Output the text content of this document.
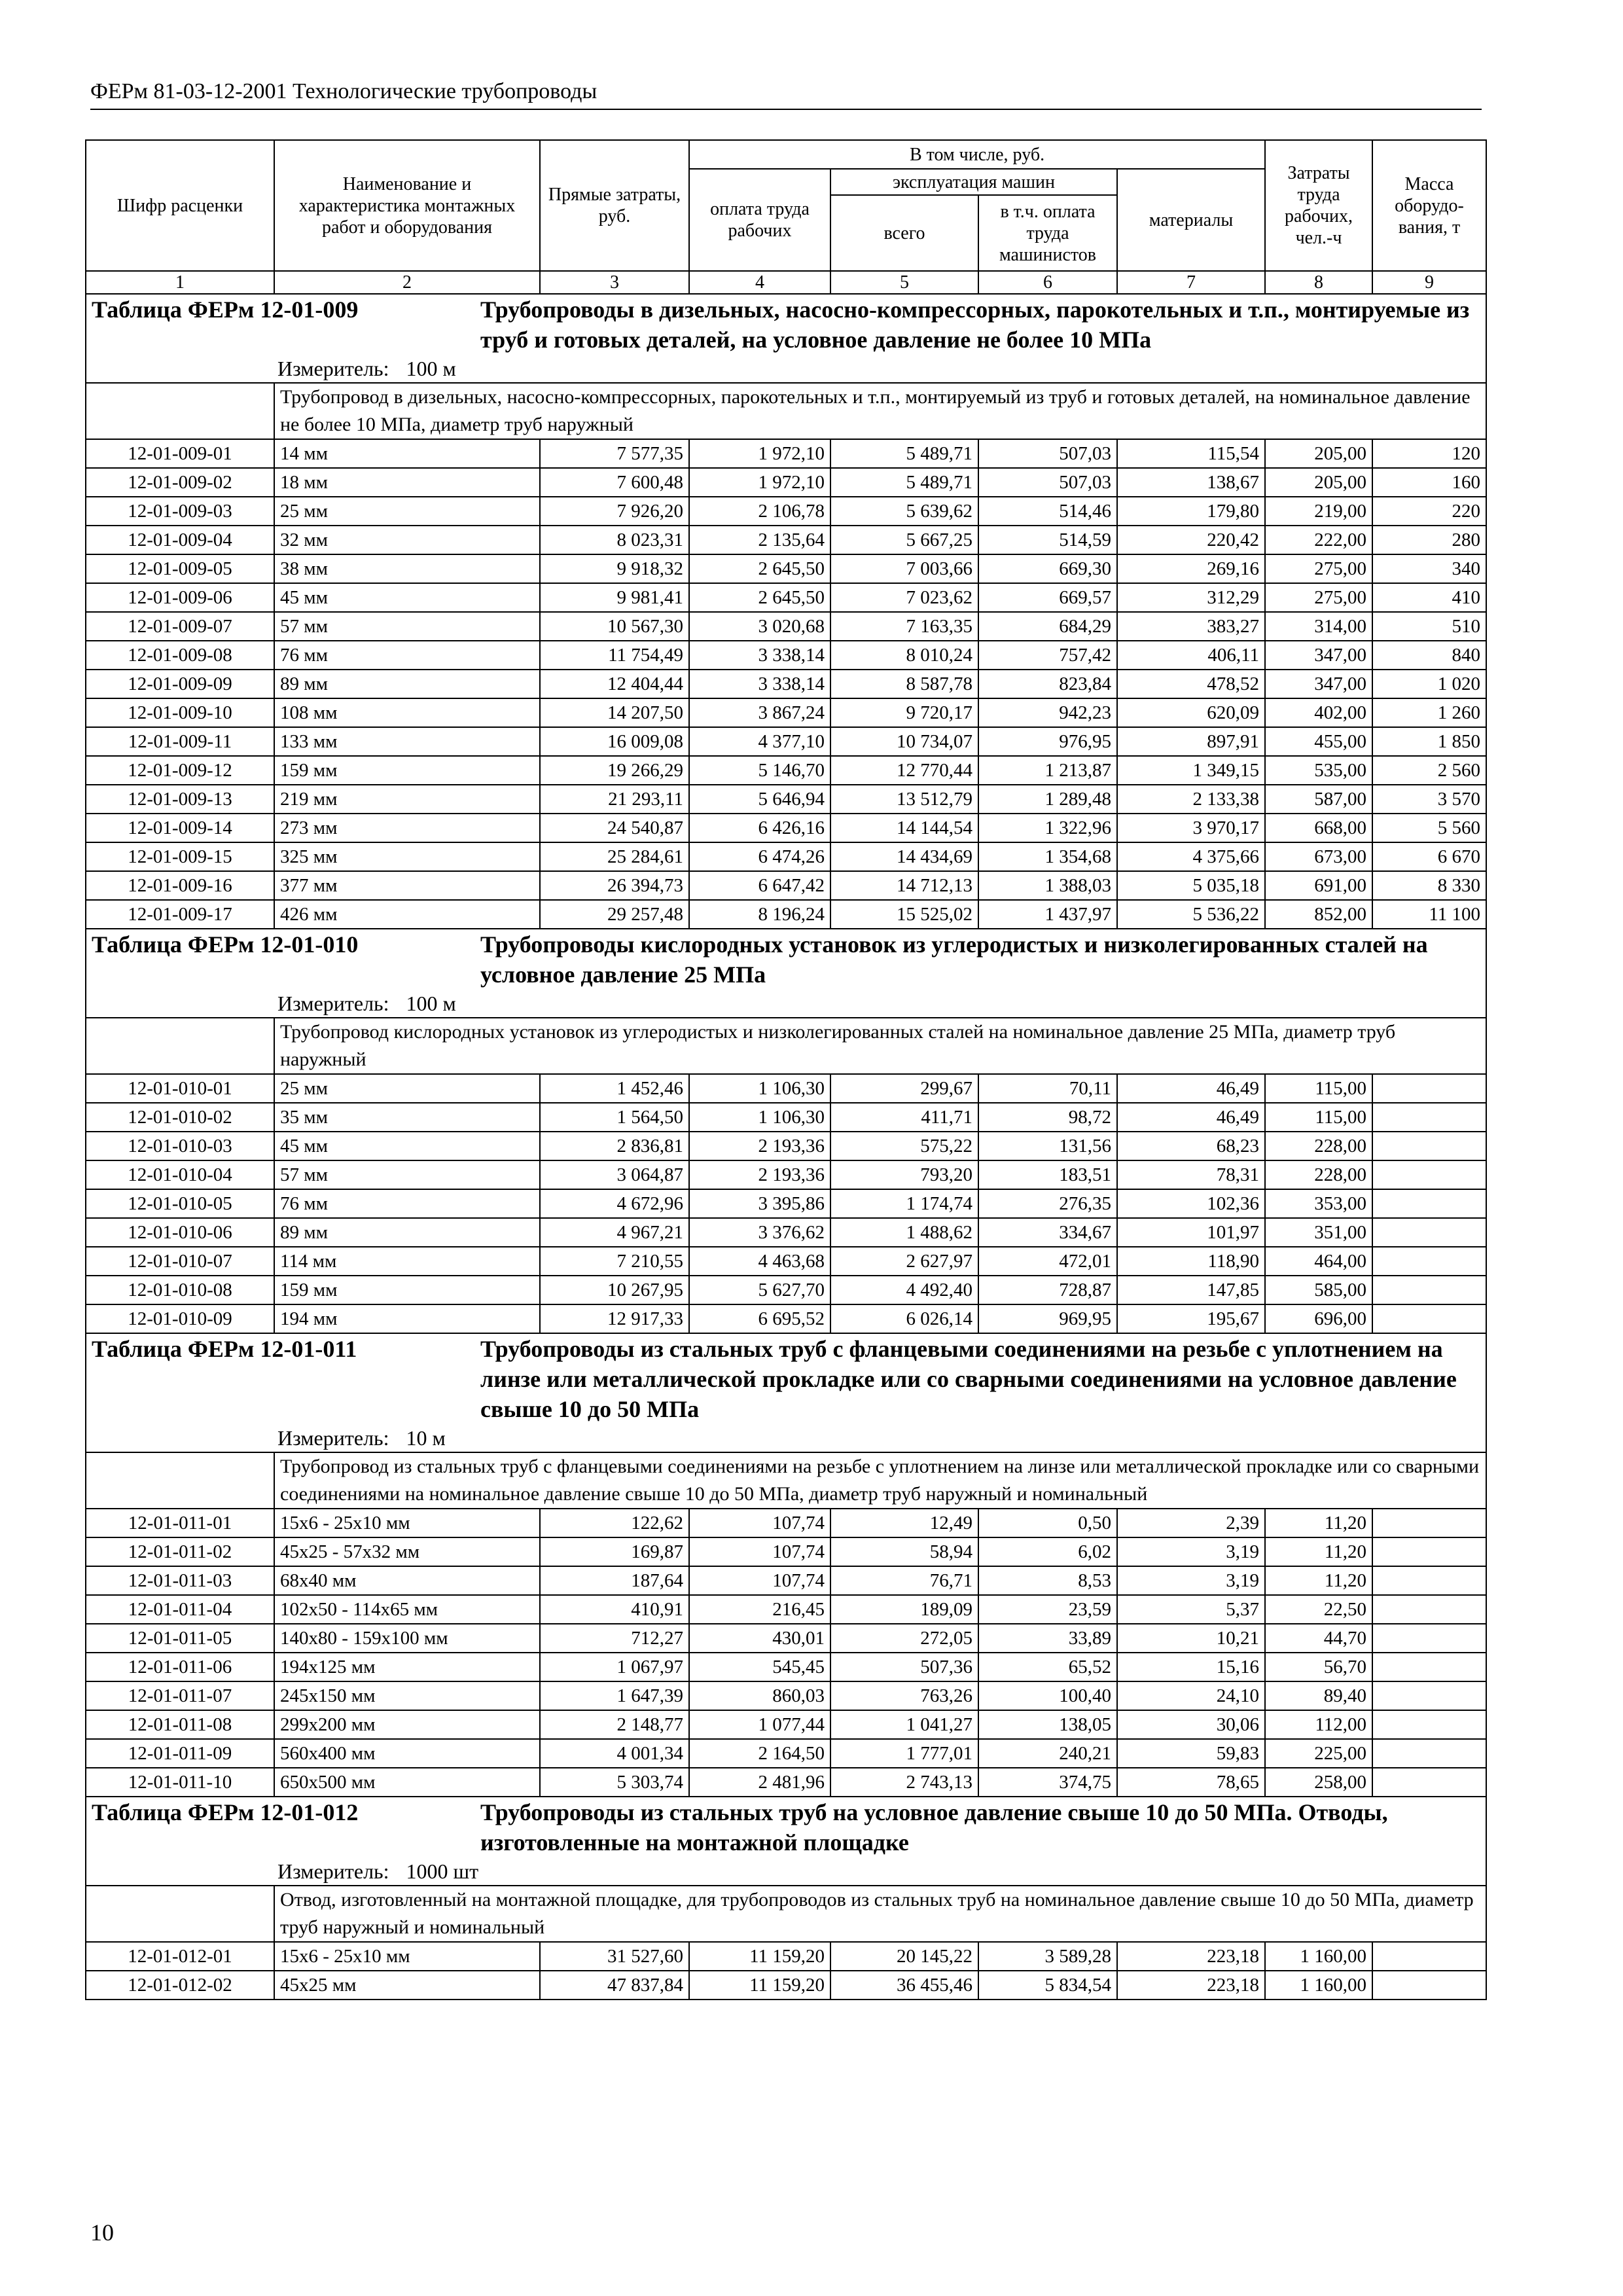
ФЕРм 81-03-12-2001 Технологические трубопроводы
Шифр расценки	Наименование и характеристика монтажных работ и оборудования	Прямые затраты, руб.	В том числе, руб.				Затраты труда рабочих, чел.-ч	Масса оборудо-вания, т
			оплата труда рабочих	эксплуатация машин		материалы		
				всего	в т.ч. оплата труда машинистов			
1	2	3	4	5	6	7	8	9

Таблица ФЕРм 12-01-009 Трубопроводы в дизельных, насосно-компрессорных, парокотельных и т.п., монтируемые из труб и готовых деталей, на условное давление не более 10 МПа
Измеритель: 100 м								

	Трубопровод в дизельных, насосно-компрессорных, парокотельных и т.п., монтируемый из труб и готовых деталей, на номинальное давление не более 10 МПа, диаметр труб наружный							
12-01-009-01	14 мм	7 577,35	1 972,10	5 489,71	507,03	115,54	205,00	120
12-01-009-02	18 мм	7 600,48	1 972,10	5 489,71	507,03	138,67	205,00	160
12-01-009-03	25 мм	7 926,20	2 106,78	5 639,62	514,46	179,80	219,00	220
12-01-009-04	32 мм	8 023,31	2 135,64	5 667,25	514,59	220,42	222,00	280
12-01-009-05	38 мм	9 918,32	2 645,50	7 003,66	669,30	269,16	275,00	340
12-01-009-06	45 мм	9 981,41	2 645,50	7 023,62	669,57	312,29	275,00	410
12-01-009-07	57 мм	10 567,30	3 020,68	7 163,35	684,29	383,27	314,00	510
12-01-009-08	76 мм	11 754,49	3 338,14	8 010,24	757,42	406,11	347,00	840
12-01-009-09	89 мм	12 404,44	3 338,14	8 587,78	823,84	478,52	347,00	1 020
12-01-009-10	108 мм	14 207,50	3 867,24	9 720,17	942,23	620,09	402,00	1 260
12-01-009-11	133 мм	16 009,08	4 377,10	10 734,07	976,95	897,91	455,00	1 850
12-01-009-12	159 мм	19 266,29	5 146,70	12 770,44	1 213,87	1 349,15	535,00	2 560
12-01-009-13	219 мм	21 293,11	5 646,94	13 512,79	1 289,48	2 133,38	587,00	3 570
12-01-009-14	273 мм	24 540,87	6 426,16	14 144,54	1 322,96	3 970,17	668,00	5 560
12-01-009-15	325 мм	25 284,61	6 474,26	14 434,69	1 354,68	4 375,66	673,00	6 670
12-01-009-16	377 мм	26 394,73	6 647,42	14 712,13	1 388,03	5 035,18	691,00	8 330
12-01-009-17	426 мм	29 257,48	8 196,24	15 525,02	1 437,97	5 536,22	852,00	11 100

Таблица ФЕРм 12-01-010 Трубопроводы кислородных установок из углеродистых и низколегированных сталей на условное давление 25 МПа
Измеритель: 100 м								

	Трубопровод кислородных установок из углеродистых и низколегированных сталей на номинальное давление 25 МПа, диаметр труб наружный							
12-01-010-01	25 мм	1 452,46	1 106,30	299,67	70,11	46,49	115,00	
12-01-010-02	35 мм	1 564,50	1 106,30	411,71	98,72	46,49	115,00	
12-01-010-03	45 мм	2 836,81	2 193,36	575,22	131,56	68,23	228,00	
12-01-010-04	57 мм	3 064,87	2 193,36	793,20	183,51	78,31	228,00	
12-01-010-05	76 мм	4 672,96	3 395,86	1 174,74	276,35	102,36	353,00	
12-01-010-06	89 мм	4 967,21	3 376,62	1 488,62	334,67	101,97	351,00	
12-01-010-07	114 мм	7 210,55	4 463,68	2 627,97	472,01	118,90	464,00	
12-01-010-08	159 мм	10 267,95	5 627,70	4 492,40	728,87	147,85	585,00	
12-01-010-09	194 мм	12 917,33	6 695,52	6 026,14	969,95	195,67	696,00	

Таблица ФЕРм 12-01-011 Трубопроводы из стальных труб с фланцевыми соединениями на резьбе с уплотнением на линзе или металлической прокладке или со сварными соединениями на условное давление свыше 10 до 50 МПа
Измеритель: 10 м								

	Трубопровод из стальных труб с фланцевыми соединениями на резьбе с уплотнением на линзе или металлической прокладке или со сварными соединениями на номинальное давление свыше 10 до 50 МПа, диаметр труб наружный и номинальный							
12-01-011-01	15x6 - 25x10 мм	122,62	107,74	12,49	0,50	2,39	11,20	
12-01-011-02	45x25 - 57x32 мм	169,87	107,74	58,94	6,02	3,19	11,20	
12-01-011-03	68x40 мм	187,64	107,74	76,71	8,53	3,19	11,20	
12-01-011-04	102x50 - 114x65 мм	410,91	216,45	189,09	23,59	5,37	22,50	
12-01-011-05	140x80 - 159x100 мм	712,27	430,01	272,05	33,89	10,21	44,70	
12-01-011-06	194x125 мм	1 067,97	545,45	507,36	65,52	15,16	56,70	
12-01-011-07	245x150 мм	1 647,39	860,03	763,26	100,40	24,10	89,40	
12-01-011-08	299x200 мм	2 148,77	1 077,44	1 041,27	138,05	30,06	112,00	
12-01-011-09	560x400 мм	4 001,34	2 164,50	1 777,01	240,21	59,83	225,00	
12-01-011-10	650x500 мм	5 303,74	2 481,96	2 743,13	374,75	78,65	258,00	

Таблица ФЕРм 12-01-012 Трубопроводы из стальных труб на условное давление свыше 10 до 50 МПа. Отводы, изготовленные на монтажной площадке
Измеритель: 1000 шт								

	Отвод, изготовленный на монтажной площадке, для трубопроводов из стальных труб на номинальное давление свыше 10 до 50 МПа, диаметр труб наружный и номинальный							
12-01-012-01	15x6 - 25x10 мм	31 527,60	11 159,20	20 145,22	3 589,28	223,18	1 160,00	
12-01-012-02	45x25 мм	47 837,84	11 159,20	36 455,46	5 834,54	223,18	1 160,00	
10
